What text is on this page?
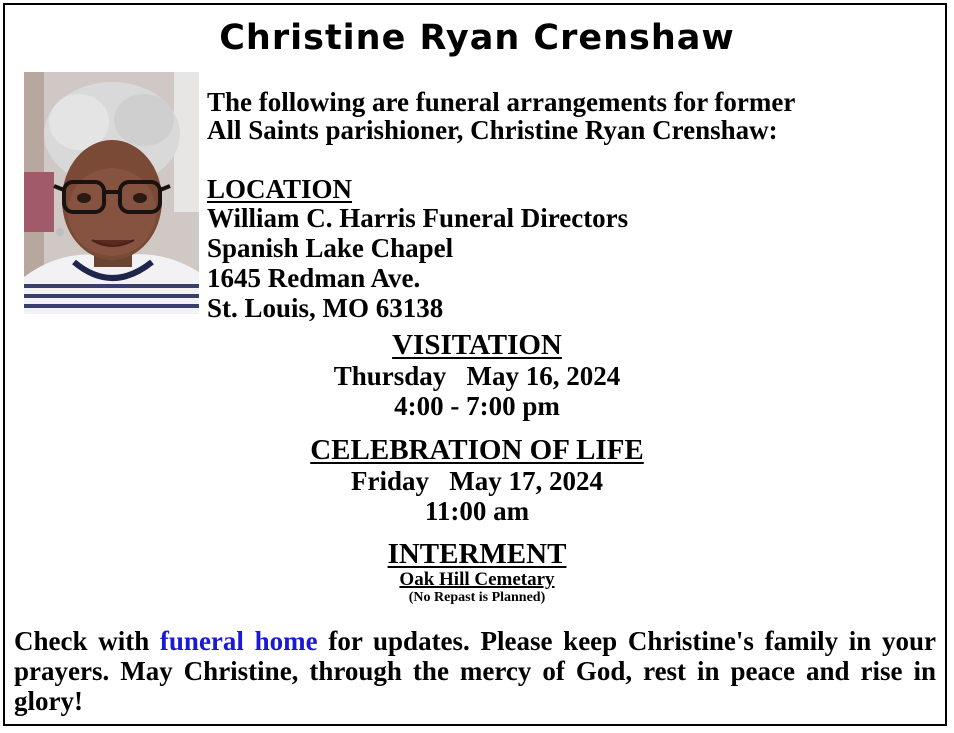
Christine Ryan Crenshaw
The following are funeral arrangements for former
All Saints parishioner, Christine Ryan Crenshaw:
LOCATION
William C. Harris Funeral Directors
Spanish Lake Chapel
1645 Redman Ave.
St. Louis, MO 63138
VISITATION
Thursday May 16, 2024
4:00 - 7:00 pm
CELEBRATION OF LIFE
Friday May 17, 2024
11:00 am
INTERMENT
Oak Hill Cemetary
(No Repast is Planned)
Check with funeral home for updates. Please keep Christine's family in your prayers. May Christine, through the mercy of God, rest in peace and rise in glory!
